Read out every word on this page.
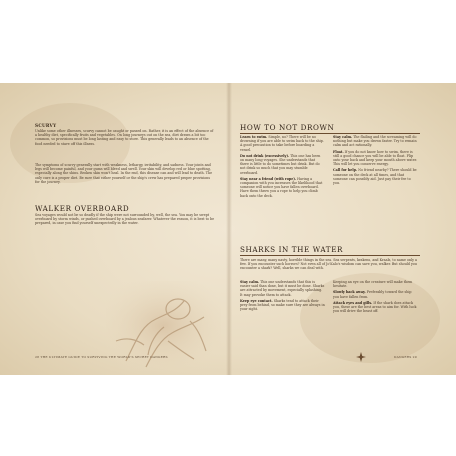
SCURVY
Unlike some other illnesses, scurvy cannot be caught or passed on. Rather, it is an effect of the absence of a healthy diet, specifically fruits and vegetables. On long journeys out on the sea, diet drawn a bit too common, so provisions must be long lasting and easy to store. This generally leads to an absence of the food needed to stave off this illness.
The symptoms of scurvy generally start with weakness, lethargy, irritability, and sadness. Your joints and legs will become painful, and your gums will bleed and swell. Your skin will develop red or blue spotting, especially along the shins. Broken skin won't heal. In the end, this disease can and will lead to death. The only cure is a proper diet. Be sure that either yourself or the ship's crew has prepared proper provisions for the journey.
WALKER OVERBOARD
Sea voyages would not be so deadly if the ship were not surrounded by, well, the sea. You may be swept overboard by storm winds, or pushed overboard by a jealous seafarer. Whatever the reason, it is best to be prepared, in case you find yourself unexpectedly in the water.
28 THE ULTIMATE GUIDE TO SURVIVING THE WORLD'S SECRET DANGERS
HOW TO NOT DROWN

Learn to swim. Simple, no? There will be no drowning if you are able to swim back to the ship. A good precaution to take before boarding a vessel.

Do not drink (excessively). This one has been on many long voyages. She understands that there is little to do sometimes but drink. But do not drink so much that you may stumble overboard.

Stay near a friend (with rope). Having a companion with you increases the likelihood that someone will notice you have fallen overboard. Have them throw you a rope to help you climb back onto the deck.

Stay calm. The flailing and the screaming will do nothing but make you drown faster. Try to remain calm and act rationally.

Float. If you do not know how to swim, there is still a good chance you will be able to float. Flip onto your back and keep your mouth above water. This will let you conserve energy.

Call for help. No friend nearby? There should be someone on the deck at all times, and that someone can possibly aid. Just pay their fee to you.

SHARKS IN THE WATER
There are many, many nasty, horrible things in the sea. Sea serpents, krakens, and Kraals, to name only a few. If you encounter such horrors? Not even all of Jo'Kalo's wisdom can save you, walker. But should you encounter a shark? Well, sharks we can deal with.

Stay calm. This one understands that this is easier said than done, but it must be done. Sharks are attracted by movement, especially splashing. It may provoke them to attack.

Keep eye contact. Sharks tend to attack their prey from behind, so make sure they are always in your sight.

Keeping an eye on the creature will make them hesitate.

Slowly back away. Preferably toward the ship you have fallen from.

Attack eyes and gills. If the shark does attack you, these are the best areas to aim for. With luck you will drive the beast off.

DANGERS 29
